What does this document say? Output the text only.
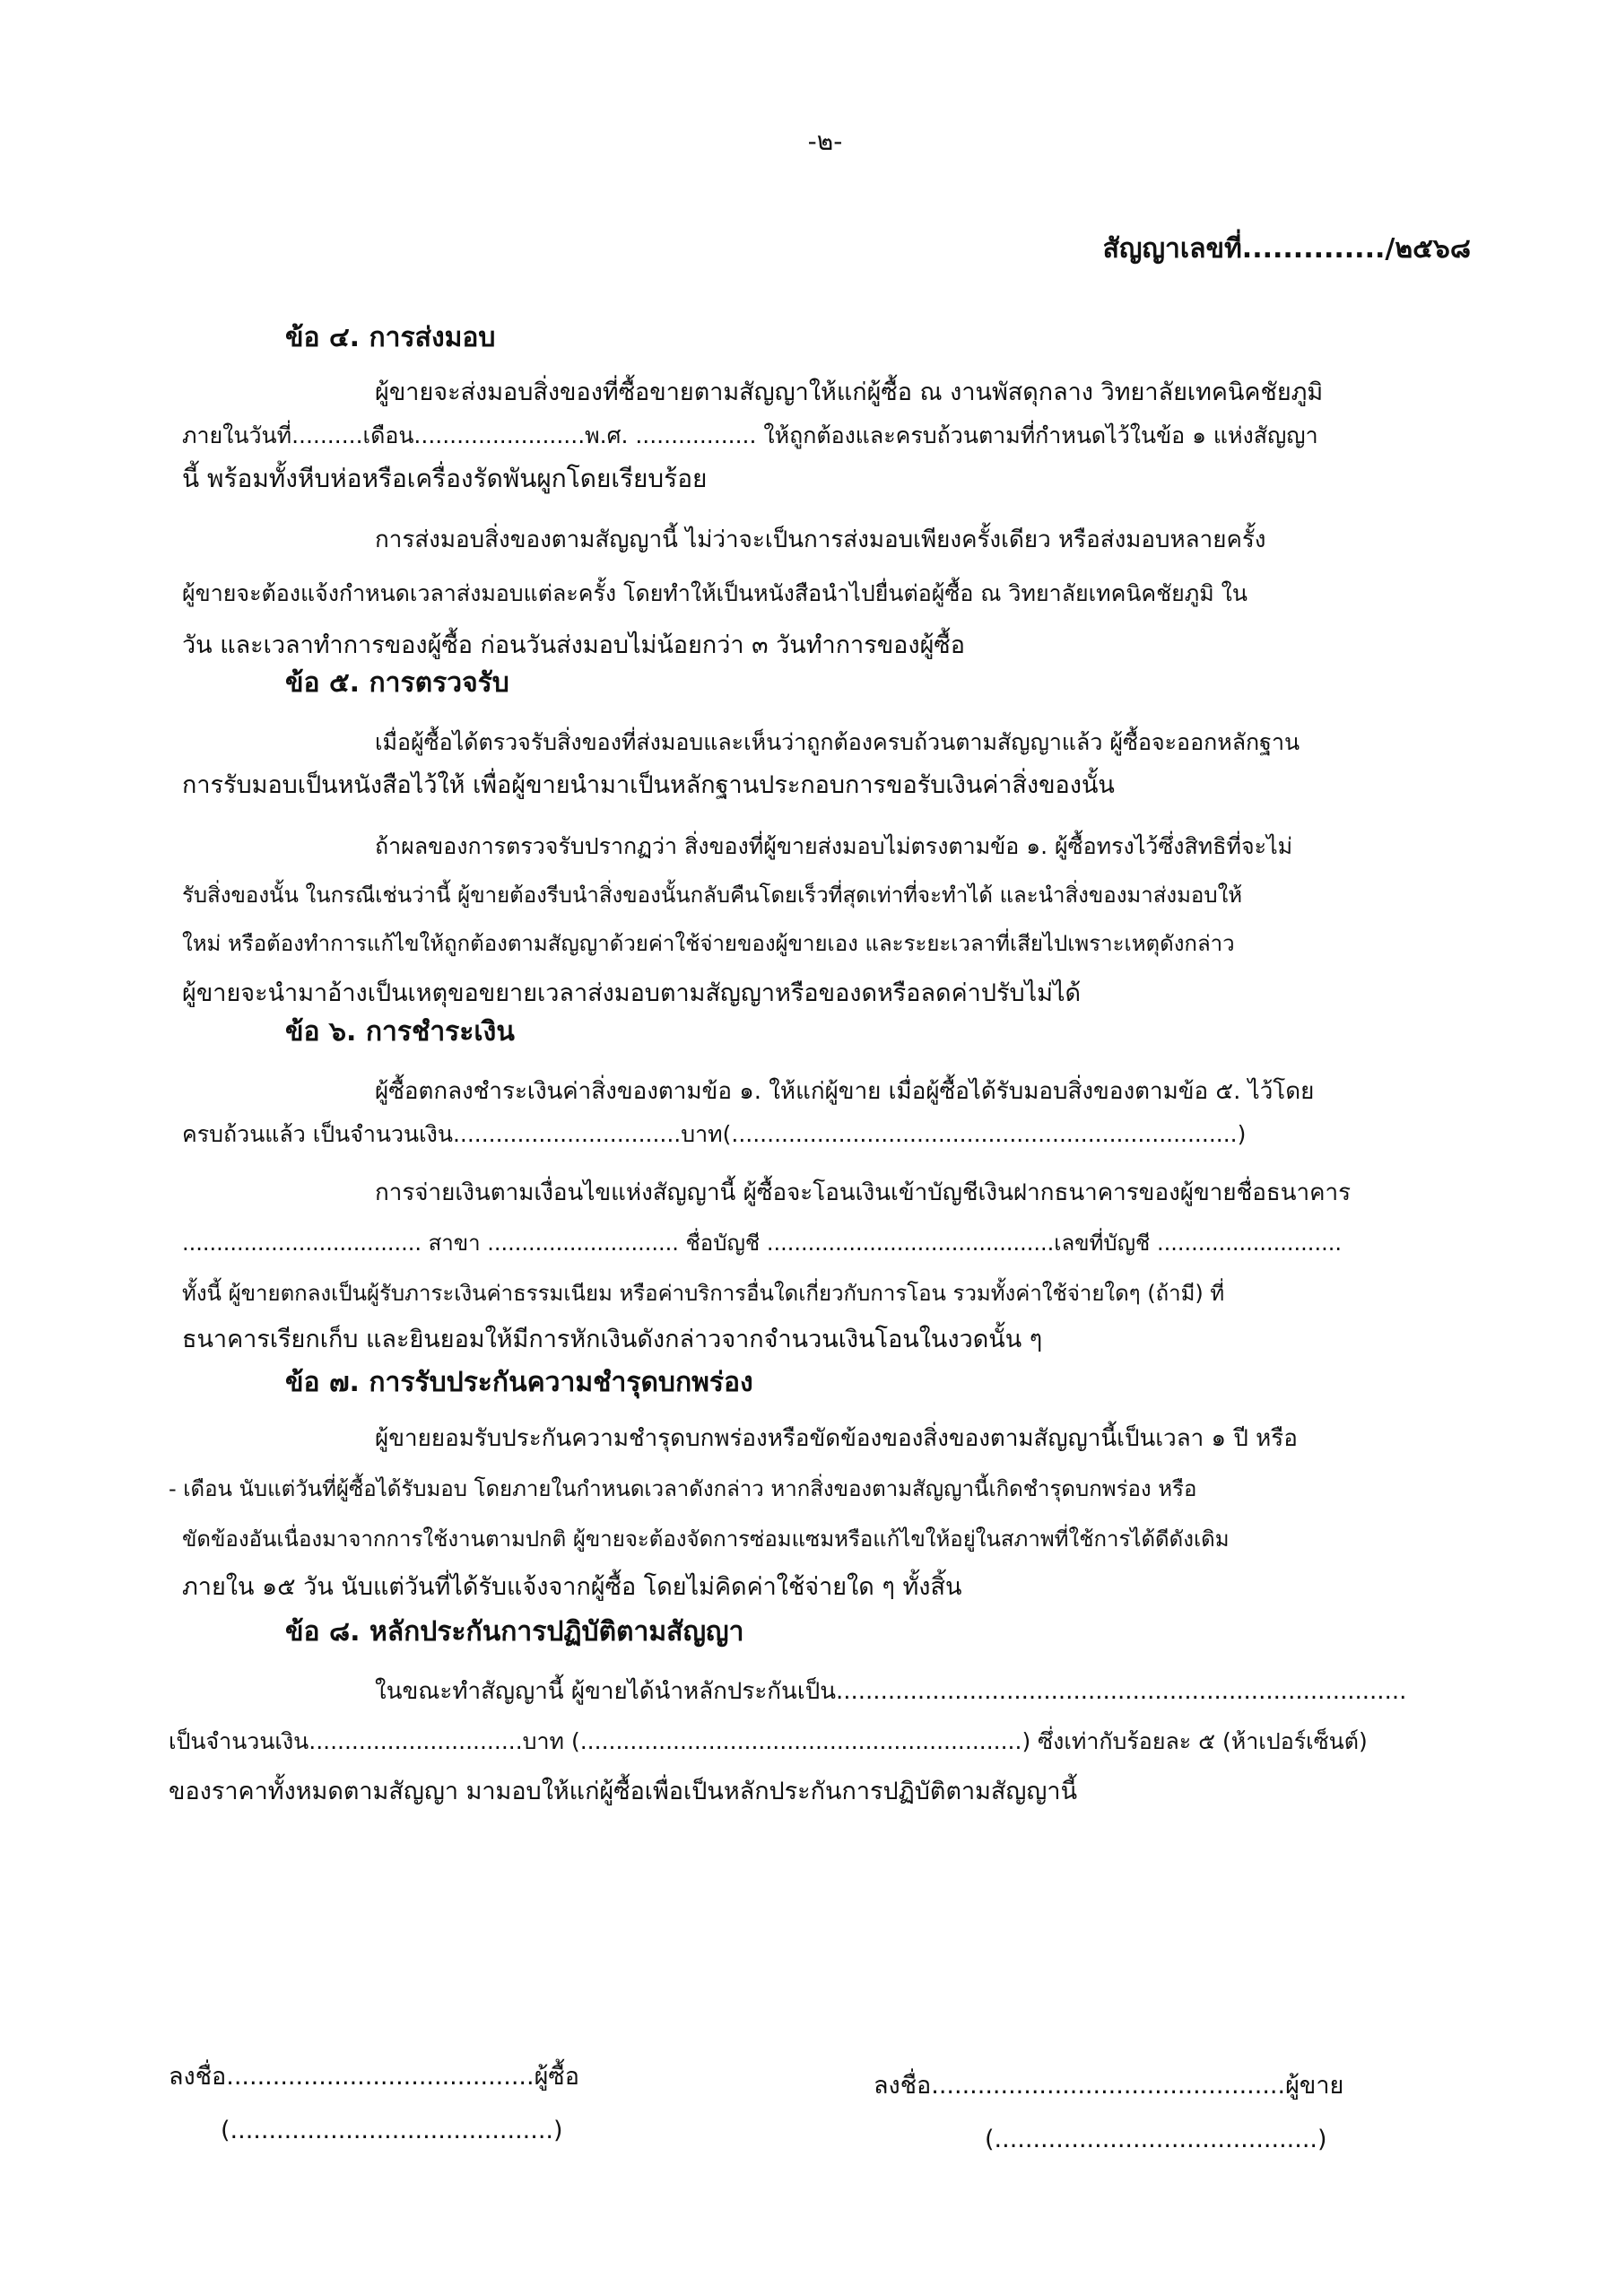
-๒-
สัญญาเลขที่............../๒๕๖๘
ข้อ ๔. การส่งมอบ
ผู้ขายจะส่งมอบสิ่งของที่ซื้อขายตามสัญญาให้แก่ผู้ซื้อ ณ งานพัสดุกลาง วิทยาลัยเทคนิคชัยภูมิ
ภายในวันที่..........เดือน........................พ.ศ. ................. ให้ถูกต้องและครบถ้วนตามที่กำหนดไว้ในข้อ ๑ แห่งสัญญา
นี้ พร้อมทั้งหีบห่อหรือเครื่องรัดพันผูกโดยเรียบร้อย
การส่งมอบสิ่งของตามสัญญานี้ ไม่ว่าจะเป็นการส่งมอบเพียงครั้งเดียว หรือส่งมอบหลายครั้ง
ผู้ขายจะต้องแจ้งกำหนดเวลาส่งมอบแต่ละครั้ง โดยทำให้เป็นหนังสือนำไปยื่นต่อผู้ซื้อ ณ วิทยาลัยเทคนิคชัยภูมิ ใน
วัน และเวลาทำการของผู้ซื้อ ก่อนวันส่งมอบไม่น้อยกว่า ๓ วันทำการของผู้ซื้อ
ข้อ ๕. การตรวจรับ
เมื่อผู้ซื้อได้ตรวจรับสิ่งของที่ส่งมอบและเห็นว่าถูกต้องครบถ้วนตามสัญญาแล้ว ผู้ซื้อจะออกหลักฐาน
การรับมอบเป็นหนังสือไว้ให้ เพื่อผู้ขายนำมาเป็นหลักฐานประกอบการขอรับเงินค่าสิ่งของนั้น
ถ้าผลของการตรวจรับปรากฏว่า สิ่งของที่ผู้ขายส่งมอบไม่ตรงตามข้อ ๑. ผู้ซื้อทรงไว้ซึ่งสิทธิที่จะไม่
รับสิ่งของนั้น ในกรณีเช่นว่านี้ ผู้ขายต้องรีบนำสิ่งของนั้นกลับคืนโดยเร็วที่สุดเท่าที่จะทำได้ และนำสิ่งของมาส่งมอบให้
ใหม่ หรือต้องทำการแก้ไขให้ถูกต้องตามสัญญาด้วยค่าใช้จ่ายของผู้ขายเอง และระยะเวลาที่เสียไปเพราะเหตุดังกล่าว
ผู้ขายจะนำมาอ้างเป็นเหตุขอขยายเวลาส่งมอบตามสัญญาหรือของดหรือลดค่าปรับไม่ได้
ข้อ ๖. การชำระเงิน
ผู้ซื้อตกลงชำระเงินค่าสิ่งของตามข้อ ๑. ให้แก่ผู้ขาย เมื่อผู้ซื้อได้รับมอบสิ่งของตามข้อ ๕. ไว้โดย
ครบถ้วนแล้ว เป็นจำนวนเงิน................................บาท(.......................................................................)
การจ่ายเงินตามเงื่อนไขแห่งสัญญานี้ ผู้ซื้อจะโอนเงินเข้าบัญชีเงินฝากธนาคารของผู้ขายชื่อธนาคาร
................................... สาขา ............................ ชื่อบัญชี ..........................................เลขที่บัญชี ...........................
ทั้งนี้ ผู้ขายตกลงเป็นผู้รับภาระเงินค่าธรรมเนียม หรือค่าบริการอื่นใดเกี่ยวกับการโอน รวมทั้งค่าใช้จ่ายใดๆ (ถ้ามี) ที่
ธนาคารเรียกเก็บ และยินยอมให้มีการหักเงินดังกล่าวจากจำนวนเงินโอนในงวดนั้น ๆ
ข้อ ๗. การรับประกันความชำรุดบกพร่อง
ผู้ขายยอมรับประกันความชำรุดบกพร่องหรือขัดข้องของสิ่งของตามสัญญานี้เป็นเวลา ๑ ปี หรือ
- เดือน นับแต่วันที่ผู้ซื้อได้รับมอบ โดยภายในกำหนดเวลาดังกล่าว หากสิ่งของตามสัญญานี้เกิดชำรุดบกพร่อง หรือ
ขัดข้องอันเนื่องมาจากการใช้งานตามปกติ ผู้ขายจะต้องจัดการซ่อมแซมหรือแก้ไขให้อยู่ในสภาพที่ใช้การได้ดีดังเดิม
ภายใน ๑๕ วัน นับแต่วันที่ได้รับแจ้งจากผู้ซื้อ โดยไม่คิดค่าใช้จ่ายใด ๆ ทั้งสิ้น
ข้อ ๘. หลักประกันการปฏิบัติตามสัญญา
ในขณะทำสัญญานี้ ผู้ขายได้นำหลักประกันเป็น.............................................................................
เป็นจำนวนเงิน..............................บาท (..............................................................) ซึ่งเท่ากับร้อยละ ๕ (ห้าเปอร์เซ็นต์)
ของราคาทั้งหมดตามสัญญา มามอบให้แก่ผู้ซื้อเพื่อเป็นหลักประกันการปฏิบัติตามสัญญานี้
ลงชื่อ........................................ผู้ซื้อ
(..........................................)
ลงชื่อ..............................................ผู้ขาย
(..........................................)
